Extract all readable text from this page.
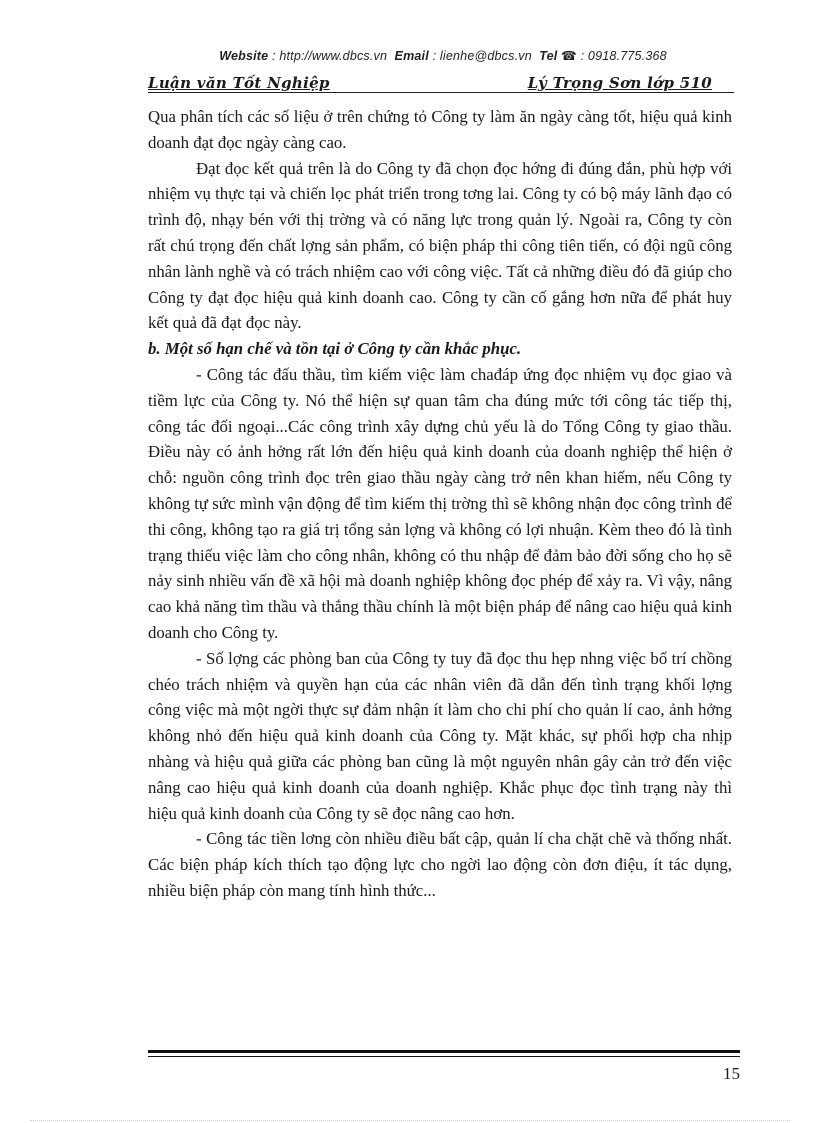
Website : http://www.dbcs.vn Email : lienhe@dbcs.vn Tel ☎ : 0918.775.368
Luận văn Tốt Nghiệp	Lý Trọng Sơn lớp 510

Qua phân tích các số liệu ở trên chứng tỏ Công ty làm ăn ngày càng tốt, hiệu quả kinh doanh đạt đọc ngày càng cao.

Đạt đọc kết quả trên là do Công ty đã chọn đọc hớng đi đúng đắn, phù hợp với nhiệm vụ thực tại và chiến lọc phát triển trong tơng lai. Công ty có bộ máy lãnh đạo có trình độ, nhạy bén với thị trờng và có năng lực trong quản lý. Ngoài ra, Công ty còn rất chú trọng đến chất lợng sản phẩm, có biện pháp thi công tiên tiến, có đội ngũ công nhân lành nghề và có trách nhiệm cao với công việc. Tất cả những điều đó đã giúp cho Công ty đạt đọc hiệu quả kinh doanh cao. Công ty cần cố gắng hơn nữa để phát huy kết quả đã đạt đọc này.

b. Một số hạn chế và tồn tại ở Công ty cần khắc phục.

- Công tác đấu thầu, tìm kiếm việc làm chađáp ứng đọc nhiệm vụ đọc giao và tiềm lực của Công ty. Nó thể hiện sự quan tâm cha đúng mức tới công tác tiếp thị, công tác đối ngoại...Các công trình xây dựng chủ yếu là do Tổng Công ty giao thầu. Điều này có ảnh hởng rất lớn đến hiệu quả kinh doanh của doanh nghiệp thể hiện ở chỗ: nguồn công trình đọc trên giao thầu ngày càng trở nên khan hiếm, nếu Công ty không tự sức mình vận động để tìm kiếm thị trờng thì sẽ không nhận đọc công trình để thi công, không tạo ra giá trị tổng sản lợng và không có lợi nhuận. Kèm theo đó là tình trạng thiếu việc làm cho công nhân, không có thu nhập để đảm bảo đời sống cho họ sẽ nảy sinh nhiều vấn đề xã hội mà doanh nghiệp không đọc phép để xảy ra. Vì vậy, nâng cao khả năng tìm thầu và thắng thầu chính là một biện pháp để nâng cao hiệu quả kinh doanh cho Công ty.

- Số lợng các phòng ban của Công ty tuy đã đọc thu hẹp nhng việc bố trí chồng chéo trách nhiệm và quyền hạn của các nhân viên đã dẫn đến tình trạng khối lợng công việc mà một ngời thực sự đảm nhận ít làm cho chi phí cho quản lí cao, ảnh hởng không nhỏ đến hiệu quả kinh doanh của Công ty. Mặt khác, sự phối hợp cha nhịp nhàng và hiệu quả giữa các phòng ban cũng là một nguyên nhân gây cản trở đến việc nâng cao hiệu quả kinh doanh của doanh nghiệp. Khắc phục đọc tình trạng này thì hiệu quả kinh doanh của Công ty sẽ đọc nâng cao hơn.

- Công tác tiền lơng còn nhiều điều bất cập, quản lí cha chặt chẽ và thống nhất. Các biện pháp kích thích tạo động lực cho ngời lao động còn đơn điệu, ít tác dụng, nhiều biện pháp còn mang tính hình thức...

15
